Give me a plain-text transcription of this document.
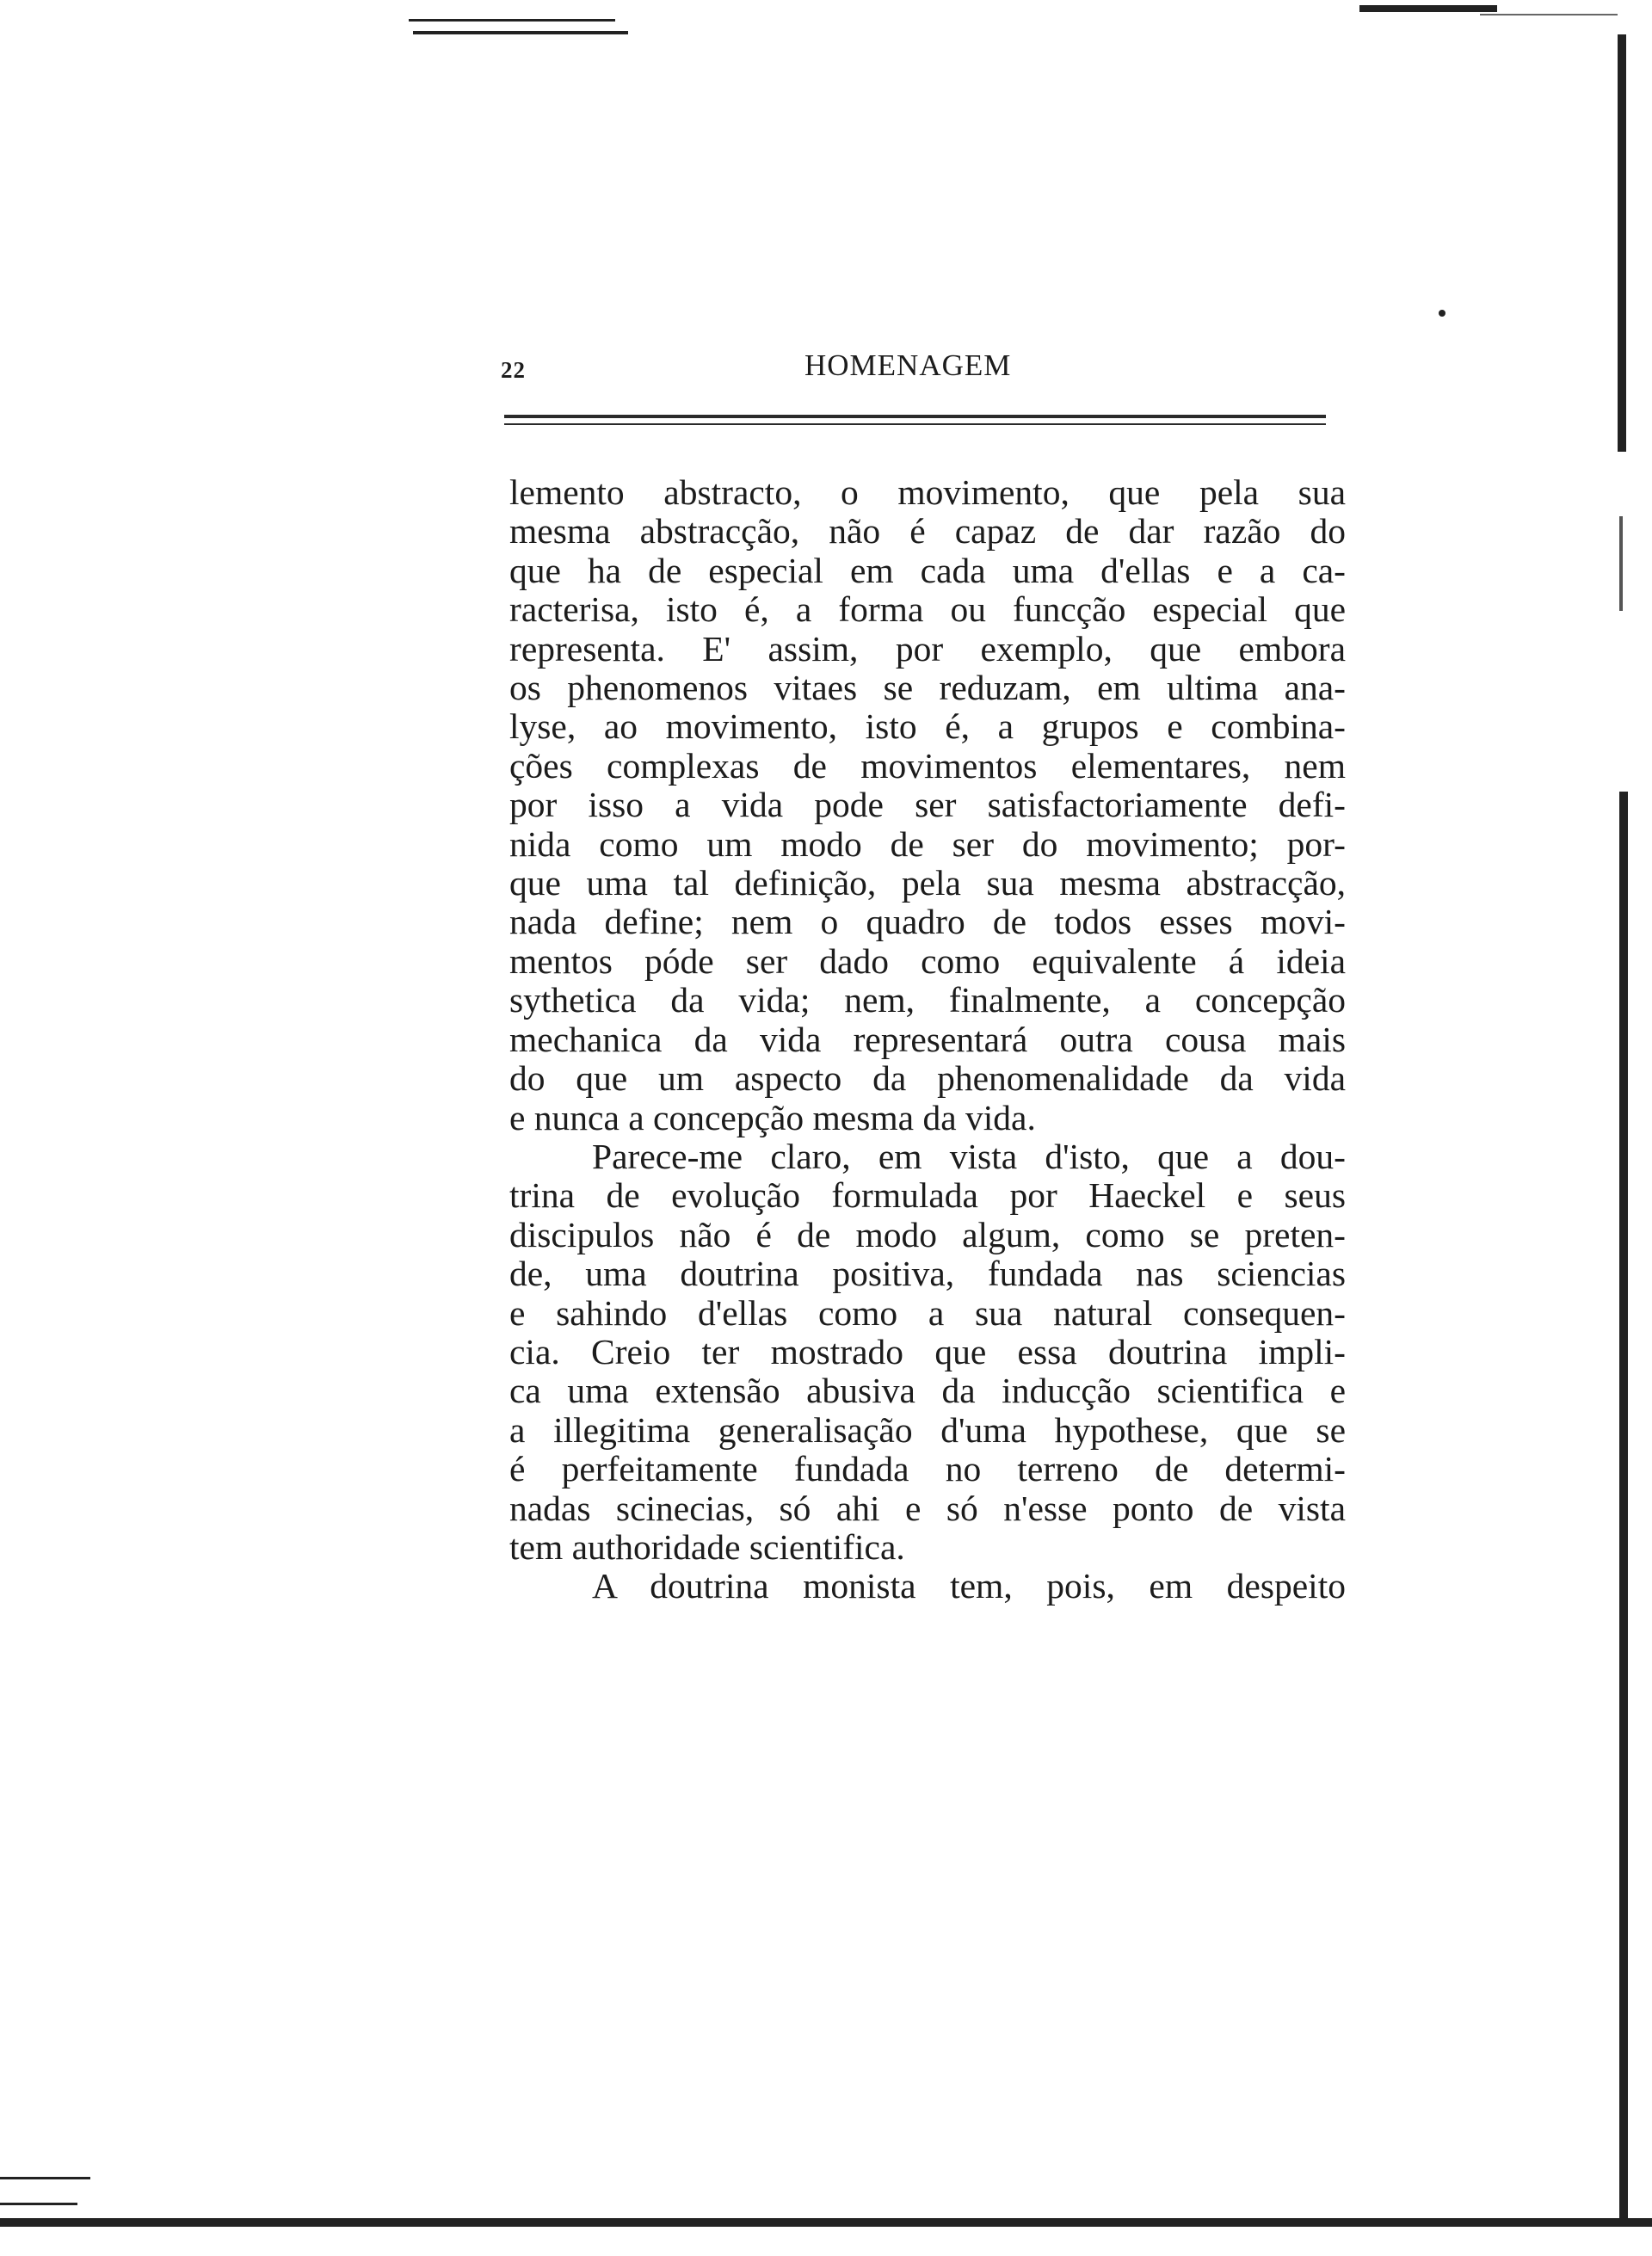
22	HOMENAGEM
lemento abstracto, o movimento, que pela sua
mesma abstracção, não é capaz de dar razão do
que ha de especial em cada uma d'ellas e a ca-
racterisa, isto é, a forma ou funcção especial que
representa. E' assim, por exemplo, que embora
os phenomenos vitaes se reduzam, em ultima ana-
lyse, ao movimento, isto é, a grupos e combina-
ções complexas de movimentos elementares, nem
por isso a vida pode ser satisfactoriamente defi-
nida como um modo de ser do movimento; por-
que uma tal definição, pela sua mesma abstracção,
nada define; nem o quadro de todos esses movi-
mentos póde ser dado como equivalente á ideia
sythetica da vida; nem, finalmente, a concepção
mechanica da vida representará outra cousa mais
do que um aspecto da phenomenalidade da vida
e nunca a concepção mesma da vida.
Parece-me claro, em vista d'isto, que a dou-
trina de evolução formulada por Haeckel e seus
discipulos não é de modo algum, como se preten-
de, uma doutrina positiva, fundada nas sciencias
e sahindo d'ellas como a sua natural consequen-
cia. Creio ter mostrado que essa doutrina impli-
ca uma extensão abusiva da inducção scientifica e
a illegitima generalisação d'uma hypothese, que se
é perfeitamente fundada no terreno de determi-
nadas scinecias, só ahi e só n'esse ponto de vista
tem authoridade scientifica.
A doutrina monista tem, pois, em despeito
